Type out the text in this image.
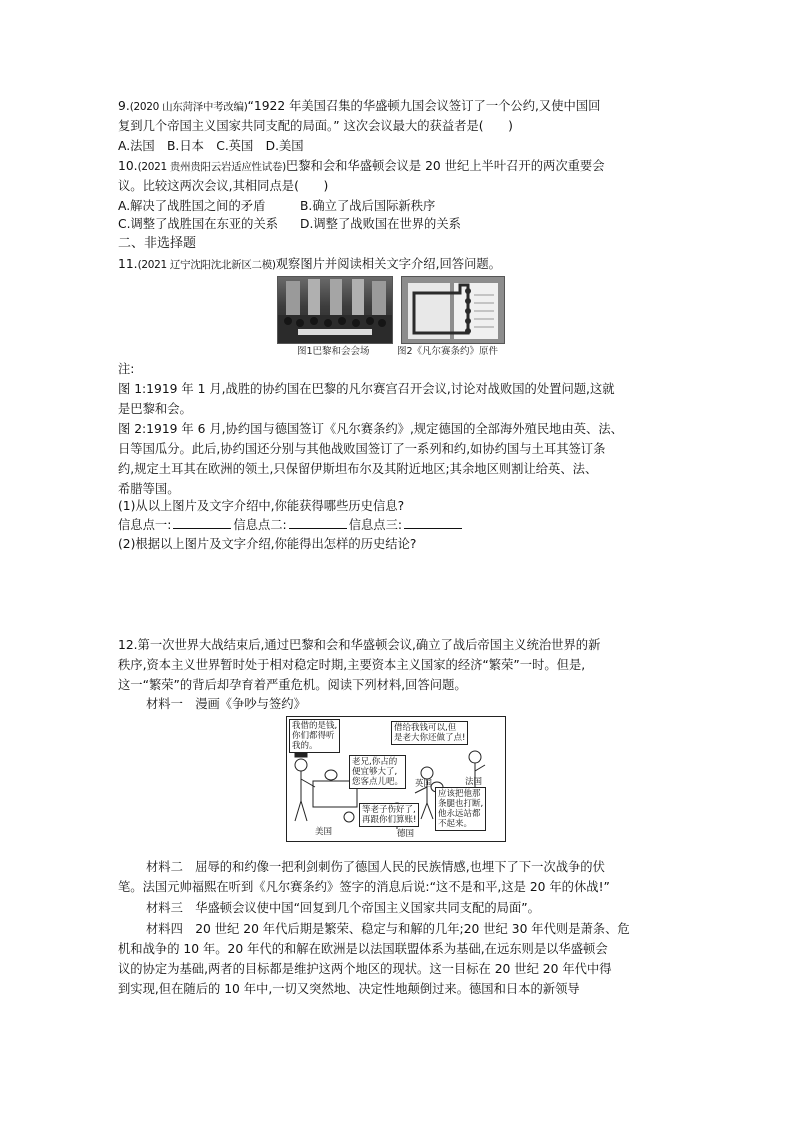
9.(2020 山东菏泽中考改编)“1922 年美国召集的华盛顿九国会议签订了一个公约,又使中国回
复到几个帝国主义国家共同支配的局面。” 这次会议最大的获益者是(　　)
A.法国　B.日本　C.英国　D.美国
10.(2021 贵州贵阳云岩适应性试卷)巴黎和会和华盛顿会议是 20 世纪上半叶召开的两次重要会
议。比较这两次会议,其相同点是(　　)
A.解决了战胜国之间的矛盾	B.确立了战后国际新秩序
C.调整了战胜国在东亚的关系 D.调整了战败国在世界的关系
二、非选择题
11.(2021 辽宁沈阳沈北新区二模)观察图片并阅读相关文字介绍,回答问题。
图1巴黎和会会场	图2《凡尔赛条约》原件
注:
图 1:1919 年 1 月,战胜的协约国在巴黎的凡尔赛宫召开会议,讨论对战败国的处置问题,这就
是巴黎和会。
图 2:1919 年 6 月,协约国与德国签订《凡尔赛条约》,规定德国的全部海外殖民地由英、法、
日等国瓜分。此后,协约国还分别与其他战败国签订了一系列和约,如协约国与土耳其签订条
约,规定土耳其在欧洲的领土,只保留伊斯坦布尔及其附近地区;其余地区则割让给英、法、
希腊等国。
(1)从以上图片及文字介绍中,你能获得哪些历史信息?
信息点一:	信息点二:	信息点三:
(2)根据以上图片及文字介绍,你能得出怎样的历史结论?
12.第一次世界大战结束后,通过巴黎和会和华盛顿会议,确立了战后帝国主义统治世界的新
秩序,资本主义世界暂时处于相对稳定时期,主要资本主义国家的经济“繁荣”一时。但是,
这一“繁荣”的背后却孕育着严重危机。阅读下列材料,回答问题。
材料一　漫画《争吵与签约》
我借的是钱,
你们都得听
我的。
借给我钱可以,但
是老大你还做了点!
老兄,你占的
便宜够大了,
您客点儿吧。
应该把他那
条腿也打断,
他永远站都
不起来。
等老子伤好了,
再跟你们算账!
英国	法国
德国
美国
材料二　屈辱的和约像一把利剑刺伤了德国人民的民族情感,也埋下了下一次战争的伏
笔。法国元帅福熙在听到《凡尔赛条约》签字的消息后说:“这不是和平,这是 20 年的休战!”
材料三　华盛顿会议使中国“回复到几个帝国主义国家共同支配的局面”。
材料四　20 世纪 20 年代后期是繁荣、稳定与和解的几年;20 世纪 30 年代则是萧条、危
机和战争的 10 年。20 年代的和解在欧洲是以法国联盟体系为基础,在远东则是以华盛顿会
议的协定为基础,两者的目标都是维护这两个地区的现状。这一目标在 20 世纪 20 年代中得
到实现,但在随后的 10 年中,一切又突然地、决定性地颠倒过来。德国和日本的新领导
